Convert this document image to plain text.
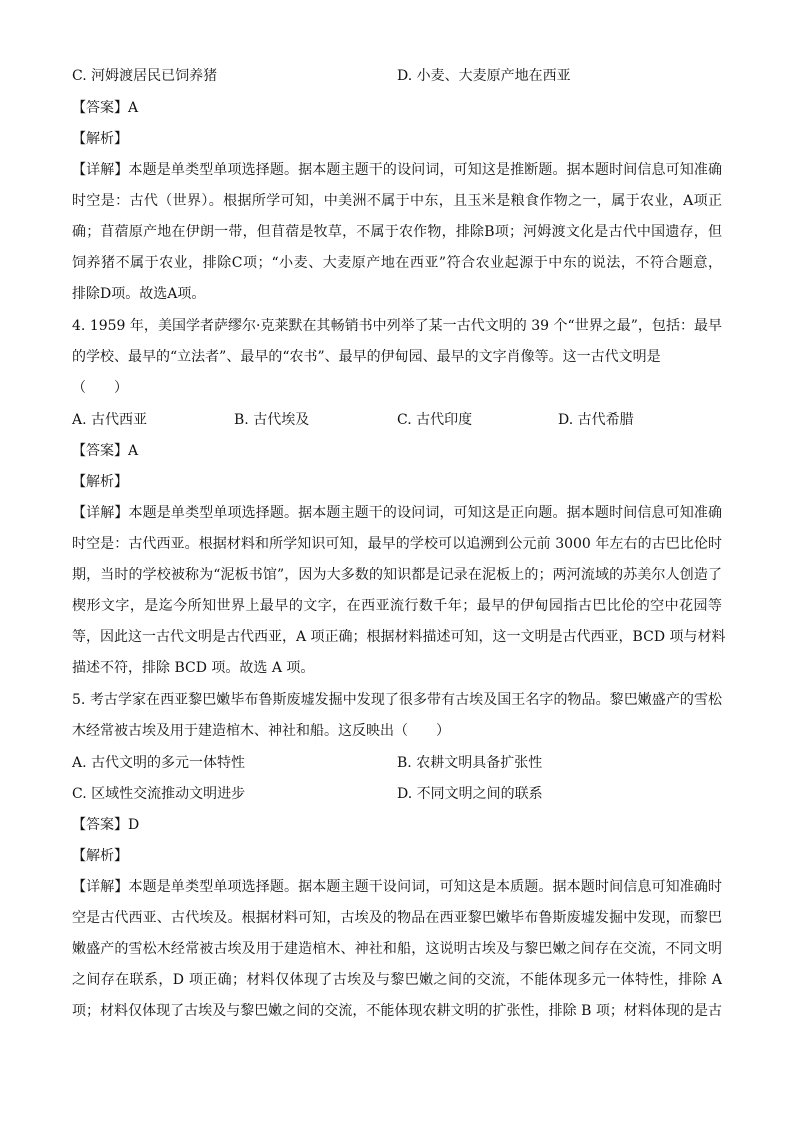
C. 河姆渡居民已饲养猪	D. 小麦、大麦原产地在西亚
【答案】A
【解析】
【详解】本题是单类型单项选择题。据本题主题干的设问词，可知这是推断题。据本题时间信息可知准确
时空是：古代（世界）。根据所学可知，中美洲不属于中东，且玉米是粮食作物之一，属于农业，A项正
确；苜蓿原产地在伊朗一带，但苜蓿是牧草，不属于农作物，排除B项；河姆渡文化是古代中国遗存，但
饲养猪不属于农业，排除C项；“小麦、大麦原产地在西亚”符合农业起源于中东的说法，不符合题意，
排除D项。故选A项。
4. 1959 年，美国学者萨缪尔·克莱默在其畅销书中列举了某一古代文明的 39 个“世界之最”，包括：最早
的学校、最早的“立法者”、最早的“农书”、最早的伊甸园、最早的文字肖像等。这一古代文明是
（　　）
A. 古代西亚	B. 古代埃及	C. 古代印度	D. 古代希腊
【答案】A
【解析】
【详解】本题是单类型单项选择题。据本题主题干的设问词，可知这是正向题。据本题时间信息可知准确
时空是：古代西亚。根据材料和所学知识可知，最早的学校可以追溯到公元前 3000 年左右的古巴比伦时
期，当时的学校被称为“泥板书馆”，因为大多数的知识都是记录在泥板上的；两河流域的苏美尔人创造了
楔形文字，是迄今所知世界上最早的文字，在西亚流行数千年；最早的伊甸园指古巴比伦的空中花园等
等，因此这一古代文明是古代西亚，A 项正确；根据材料描述可知，这一文明是古代西亚，BCD 项与材料
描述不符，排除 BCD 项。故选 A 项。
5. 考古学家在西亚黎巴嫩毕布鲁斯废墟发掘中发现了很多带有古埃及国王名字的物品。黎巴嫩盛产的雪松
木经常被古埃及用于建造棺木、神社和船。这反映出（　　）
A. 古代文明的多元一体特性	B. 农耕文明具备扩张性
C. 区域性交流推动文明进步	D. 不同文明之间的联系
【答案】D
【解析】
【详解】本题是单类型单项选择题。据本题主题干设问词，可知这是本质题。据本题时间信息可知准确时
空是古代西亚、古代埃及。根据材料可知，古埃及的物品在西亚黎巴嫩毕布鲁斯废墟发掘中发现，而黎巴
嫩盛产的雪松木经常被古埃及用于建造棺木、神社和船，这说明古埃及与黎巴嫩之间存在交流，不同文明
之间存在联系，D 项正确；材料仅体现了古埃及与黎巴嫩之间的交流，不能体现多元一体特性，排除 A
项；材料仅体现了古埃及与黎巴嫩之间的交流，不能体现农耕文明的扩张性，排除 B 项；材料体现的是古
